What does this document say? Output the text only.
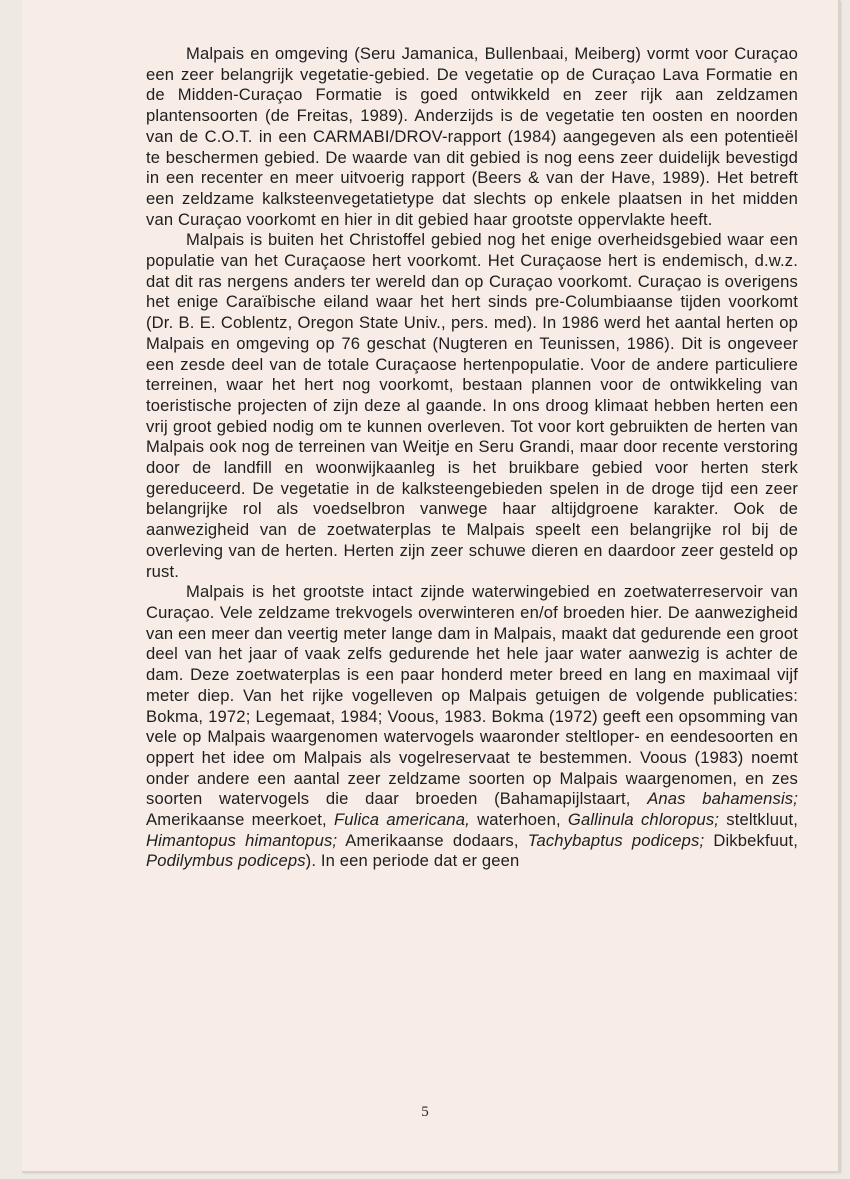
Malpais en omgeving (Seru Jamanica, Bullenbaai, Meiberg) vormt voor Curaçao een zeer belangrijk vegetatie-gebied. De vegetatie op de Curaçao Lava Formatie en de Midden-Curaçao Formatie is goed ontwikkeld en zeer rijk aan zeldzamen plantensoorten (de Freitas, 1989). Anderzijds is de vegetatie ten oosten en noorden van de C.O.T. in een CARMABI/DROV-rapport (1984) aangegeven als een potentieël te beschermen gebied. De waarde van dit gebied is nog eens zeer duidelijk bevestigd in een recenter en meer uitvoerig rapport (Beers & van der Have, 1989). Het betreft een zeldzame kalksteenvegetatietype dat slechts op enkele plaatsen in het midden van Curaçao voorkomt en hier in dit gebied haar grootste oppervlakte heeft.

Malpais is buiten het Christoffel gebied nog het enige overheidsgebied waar een populatie van het Curaçaose hert voorkomt. Het Curaçaose hert is endemisch, d.w.z. dat dit ras nergens anders ter wereld dan op Curaçao voorkomt. Curaçao is overigens het enige Caraïbische eiland waar het hert sinds pre-Columbiaanse tijden voorkomt (Dr. B. E. Coblentz, Oregon State Univ., pers. med). In 1986 werd het aantal herten op Malpais en omgeving op 76 geschat (Nugteren en Teunissen, 1986). Dit is ongeveer een zesde deel van de totale Curaçaose hertenpopulatie. Voor de andere particuliere terreinen, waar het hert nog voorkomt, bestaan plannen voor de ontwikkeling van toeristische projecten of zijn deze al gaande. In ons droog klimaat hebben herten een vrij groot gebied nodig om te kunnen overleven. Tot voor kort gebruikten de herten van Malpais ook nog de terreinen van Weitje en Seru Grandi, maar door recente verstoring door de landfill en woonwijkaanleg is het bruikbare gebied voor herten sterk gereduceerd. De vegetatie in de kalksteengebieden spelen in de droge tijd een zeer belangrijke rol als voedselbron vanwege haar altijdgroene karakter. Ook de aanwezigheid van de zoetwaterplas te Malpais speelt een belangrijke rol bij de overleving van de herten. Herten zijn zeer schuwe dieren en daardoor zeer gesteld op rust.

Malpais is het grootste intact zijnde waterwingebied en zoetwaterreservoir van Curaçao. Vele zeldzame trekvogels overwinteren en/of broeden hier. De aanwezigheid van een meer dan veertig meter lange dam in Malpais, maakt dat gedurende een groot deel van het jaar of vaak zelfs gedurende het hele jaar water aanwezig is achter de dam. Deze zoetwaterplas is een paar honderd meter breed en lang en maximaal vijf meter diep. Van het rijke vogelleven op Malpais getuigen de volgende publicaties: Bokma, 1972; Legemaat, 1984; Voous, 1983. Bokma (1972) geeft een opsomming van vele op Malpais waargenomen watervogels waaronder steltloper- en eendesoorten en oppert het idee om Malpais als vogelreservaat te bestemmen. Voous (1983) noemt onder andere een aantal zeer zeldzame soorten op Malpais waargenomen, en zes soorten watervogels die daar broeden (Bahamapijlstaart, Anas bahamensis; Amerikaanse meerkoet, Fulica americana, waterhoen, Gallinula chloropus; steltkluut, Himantopus himantopus; Amerikaanse dodaars, Tachybaptus podiceps; Dikbekfuut, Podilymbus podiceps). In een periode dat er geen

5
